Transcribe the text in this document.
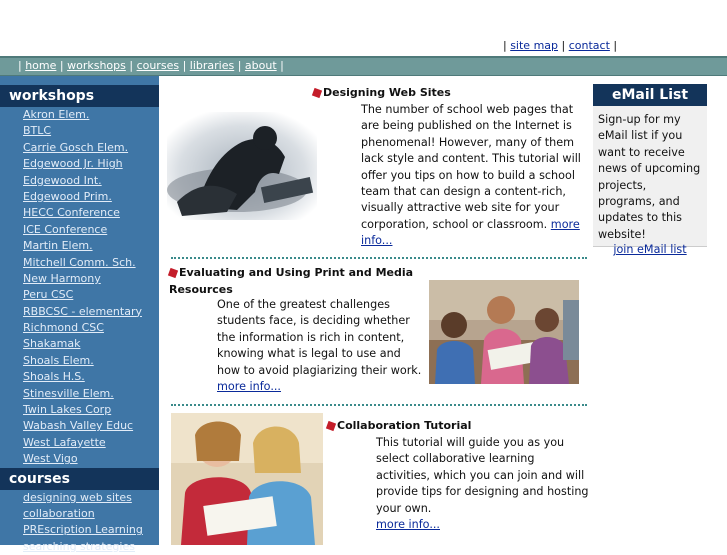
| site map | contact |
| home | workshops | courses | libraries | about |
workshops
Akron Elem.
BTLC
Carrie Gosch Elem.
Edgewood Jr. High
Edgewood Int.
Edgewood Prim.
HECC Conference
ICE Conference
Martin Elem.
Mitchell Comm. Sch.
New Harmony
Peru CSC
RBBCSC - elementary
Richmond CSC
Shakamak
Shoals Elem.
Shoals H.S.
Stinesville Elem.
Twin Lakes Corp
Wabash Valley Educ
West Lafayette
West Vigo
courses
designing web sites
collaboration
PREscription Learning
searching strategies
Designing Web Sites
The number of school web pages that are being published on the Internet is phenomenal! However, many of them lack style and content. This tutorial will offer you tips on how to build a school team that can design a content-rich, visually attractive web site for your corporation, school or classroom. more info...
Evaluating and Using Print and Media Resources
One of the greatest challenges students face, is deciding whether the information is rich in content, knowing what is legal to use and how to avoid plagiarizing their work. more info...
Collaboration Tutorial
This tutorial will guide you as you select collaborative learning activities, which you can join and will provide tips for designing and hosting your own.
more info...
eMail List
Sign-up for my eMail list if you want to receive news of upcoming projects, programs, and updates to this website!
join eMail list
